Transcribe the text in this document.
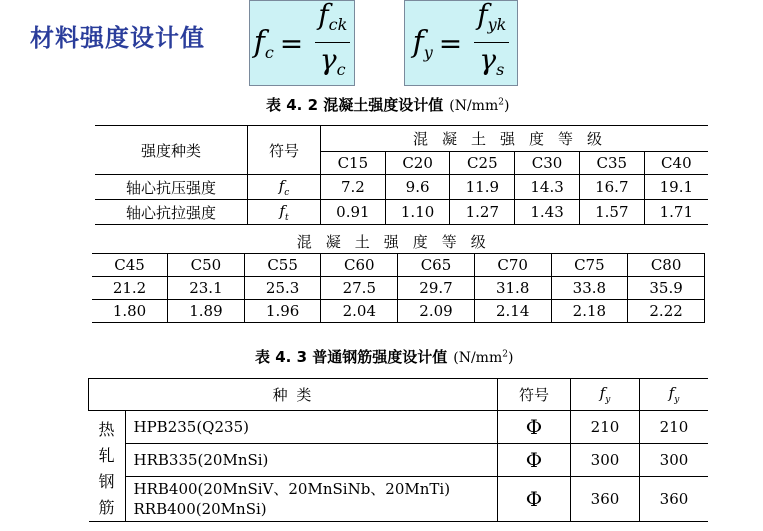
材料强度设计值 $f_c = \frac{f_{ck}}{\gamma_c} f_y = \frac{f_{yk}}{\gamma_s}$
表 4. 2 混凝土强度设计值 $(N/mm^2)$
强度种类	符号	混凝土强度等级					
		C15	C20	C25	C30	C35	C40
轴心抗压强度	$f_c$	7.2	9.6	11.9	14.3	16.7	19.1
轴心抗拉强度	$f_t$	0.91	1.10	1.27	1.43	1.57	1.71
混凝土强度等级							
C45	C50	C55	C60	C65	C70	C75	C80
21.2	23.1	25.3	27.5	29.7	31.8	33.8	35.9
1.80	1.89	1.96	2.04	2.09	2.14	2.18	2.22
表 4. 3 普通钢筋强度设计值 $(N/mm^2)$
种 类		符号	$f_y$	$f_y$

热
轧
钢
筋	HPB235(Q235)	Φ	210	210
	HRB335(20MnSi)	Φ	300	300

	HRB400(20MnSiV、20MnSiNb、20MnTi)
RRB400(20MnSi)	Φ	360	360
